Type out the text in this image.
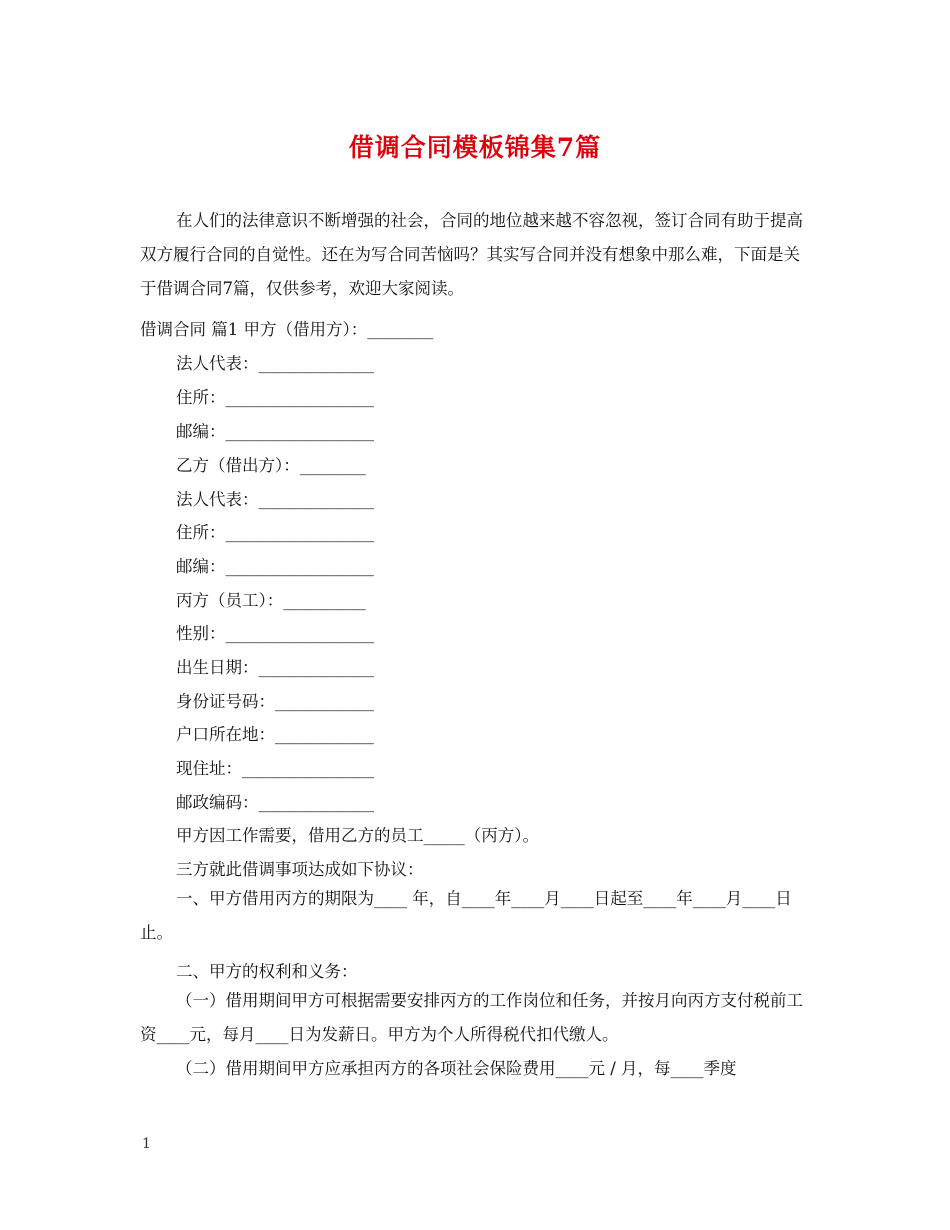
借调合同模板锦集7篇

在人们的法律意识不断增强的社会，合同的地位越来越不容忽视，签订合同有助于提高双方履行合同的自觉性。还在为写合同苦恼吗？其实写合同并没有想象中那么难，下面是关于借调合同7篇，仅供参考，欢迎大家阅读。

借调合同 篇1 甲方（借用方）：________
法人代表：______________
住所：__________________
邮编：__________________
乙方（借出方）：________
法人代表：______________
住所：__________________
邮编：__________________
丙方（员工）：__________
性别：__________________
出生日期：______________
身份证号码：____________
户口所在地：____________
现住址：________________
邮政编码：______________
甲方因工作需要，借用乙方的员工_____（丙方）。
三方就此借调事项达成如下协议：

一、甲方借用丙方的期限为____ 年，自____年____月____日起至____年____月____日止。

二、甲方的权利和义务：

（一）借用期间甲方可根据需要安排丙方的工作岗位和任务，并按月向丙方支付税前工资____元，每月____日为发薪日。甲方为个人所得税代扣代缴人。

（二）借用期间甲方应承担丙方的各项社会保险费用____元 / 月，每____季度

1
